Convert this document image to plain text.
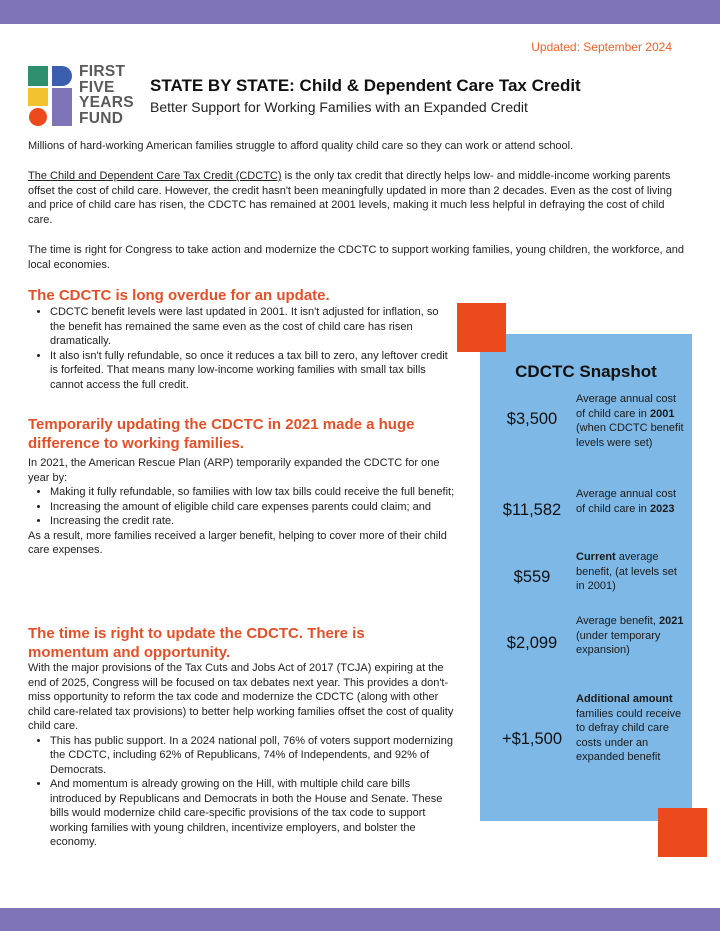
Updated: September 2024
FIRST
FIVE
YEARS
FUND
STATE BY STATE: Child & Dependent Care Tax Credit
Better Support for Working Families with an Expanded Credit

Millions of hard-working American families struggle to afford quality child care so they can work or attend school.

The Child and Dependent Care Tax Credit (CDCTC) is the only tax credit that directly helps low- and middle-income working parents offset the cost of child care. However, the credit hasn't been meaningfully updated in more than 2 decades. Even as the cost of living and price of child care has risen, the CDCTC has remained at 2001 levels, making it much less helpful in defraying the cost of child care.

The time is right for Congress to take action and modernize the CDCTC to support working families, young children, the workforce, and local economies.

The CDCTC is long overdue for an update.
• CDCTC benefit levels were last updated in 2001. It isn't adjusted for inflation, so the benefit has remained the same even as the cost of child care has risen dramatically.
• It also isn't fully refundable, so once it reduces a tax bill to zero, any leftover credit is forfeited. That means many low-income working families with small tax bills cannot access the full credit.
Temporarily updating the CDCTC in 2021 made a huge difference to working families.

In 2021, the American Rescue Plan (ARP) temporarily expanded the CDCTC for one year by:

• Making it fully refundable, so families with low tax bills could receive the full benefit;
• Increasing the amount of eligible child care expenses parents could claim; and
• Increasing the credit rate.

As a result, more families received a larger benefit, helping to cover more of their child care expenses.

The time is right to update the CDCTC. There is momentum and opportunity.

With the major provisions of the Tax Cuts and Jobs Act of 2017 (TCJA) expiring at the end of 2025, Congress will be focused on tax debates next year. This provides a don't-miss opportunity to reform the tax code and modernize the CDCTC (along with other child care-related tax provisions) to better help working families offset the cost of quality child care.

• This has public support. In a 2024 national poll, 76% of voters support modernizing the CDCTC, including 62% of Republicans, 74% of Independents, and 92% of Democrats.
• And momentum is already growing on the Hill, with multiple child care bills introduced by Republicans and Democrats in both the House and Senate. These bills would modernize child care-specific provisions of the tax code to support working families with young children, incentivize employers, and bolster the economy.
CDCTC Snapshot
$3,500
Average annual cost of child care in 2001 (when CDCTC benefit levels were set)
$11,582
Average annual cost of child care in 2023
$559
Current average benefit, (at levels set in 2001)
$2,099
Average benefit, 2021 (under temporary expansion)
+$1,500
Additional amount families could receive to defray child care costs under an expanded benefit
